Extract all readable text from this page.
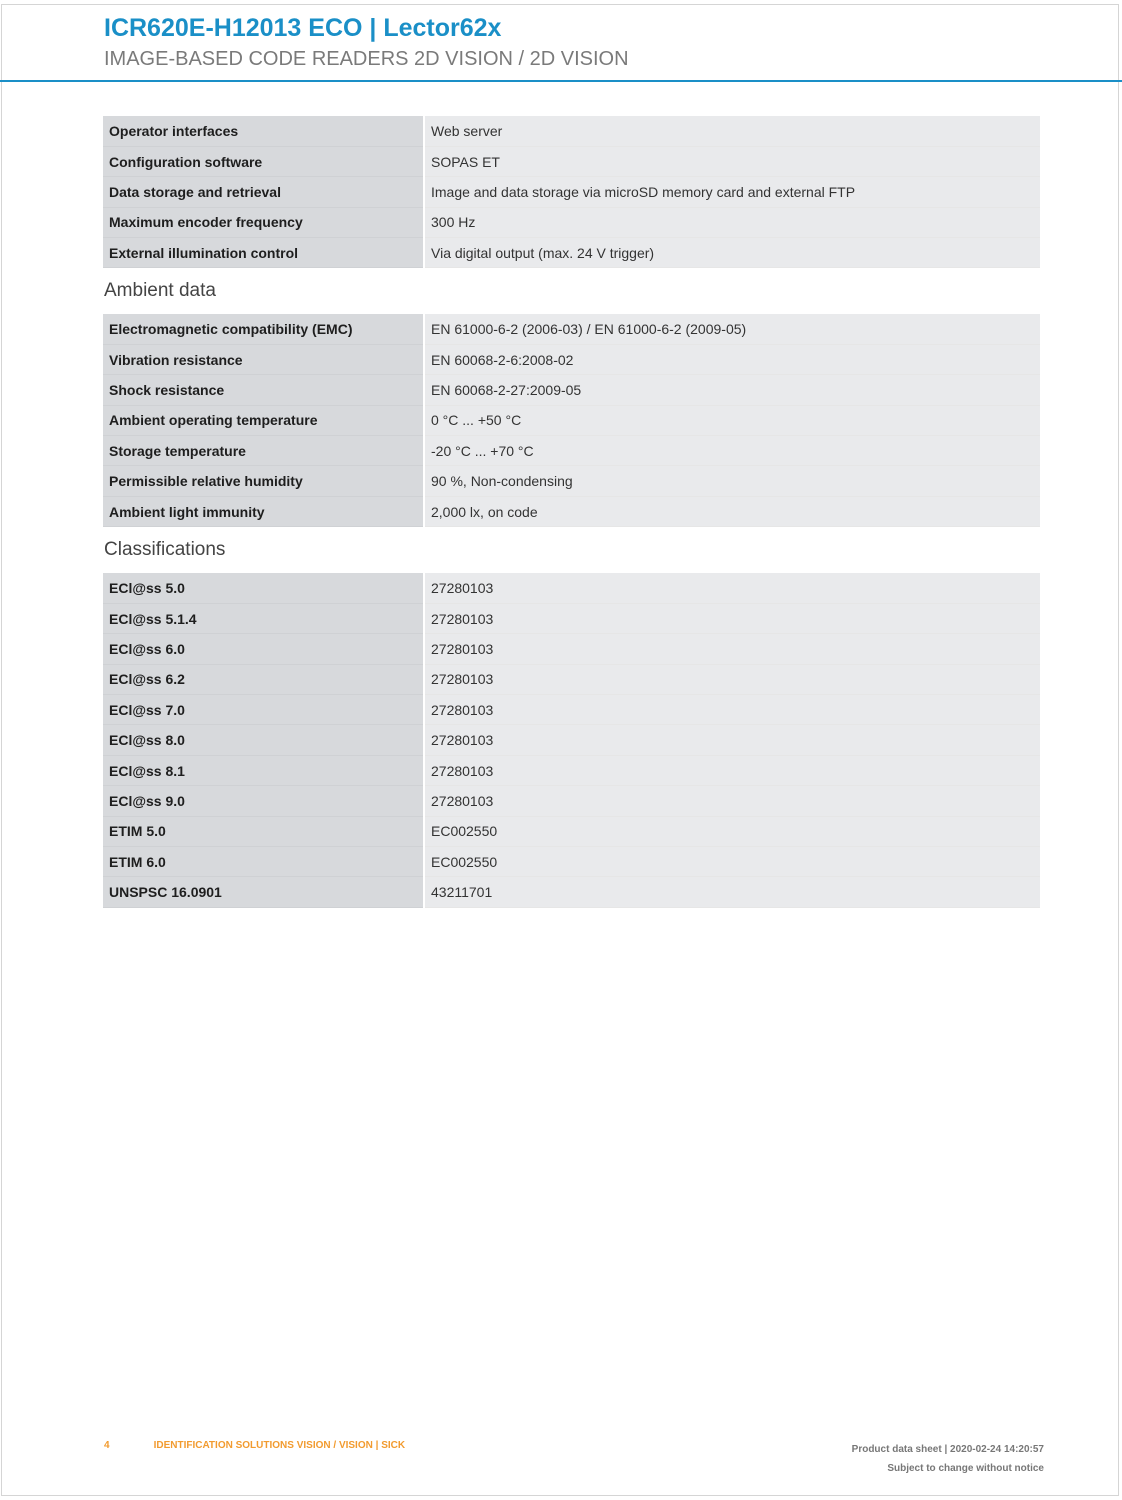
ICR620E-H12013 ECO | Lector62x
IMAGE-BASED CODE READERS 2D VISION / 2D VISION
Operator interfaces	Web server
Configuration software	SOPAS ET
Data storage and retrieval	Image and data storage via microSD memory card and external FTP
Maximum encoder frequency	300 Hz
External illumination control	Via digital output (max. 24 V trigger)
Ambient data
Electromagnetic compatibility (EMC)	EN 61000-6-2 (2006-03) / EN 61000-6-2 (2009-05)
Vibration resistance	EN 60068-2-6:2008-02
Shock resistance	EN 60068-2-27:2009-05
Ambient operating temperature	0 °C ... +50 °C
Storage temperature	-20 °C ... +70 °C
Permissible relative humidity	90 %, Non-condensing
Ambient light immunity	2,000 lx, on code
Classifications
ECl@ss 5.0	27280103
ECl@ss 5.1.4	27280103
ECl@ss 6.0	27280103
ECl@ss 6.2	27280103
ECl@ss 7.0	27280103
ECl@ss 8.0	27280103
ECl@ss 8.1	27280103
ECl@ss 9.0	27280103
ETIM 5.0	EC002550
ETIM 6.0	EC002550
UNSPSC 16.0901	43211701
4	IDENTIFICATION SOLUTIONS VISION / VISION | SICK	Product data sheet | 2020-02-24 14:20:57
Subject to change without notice
